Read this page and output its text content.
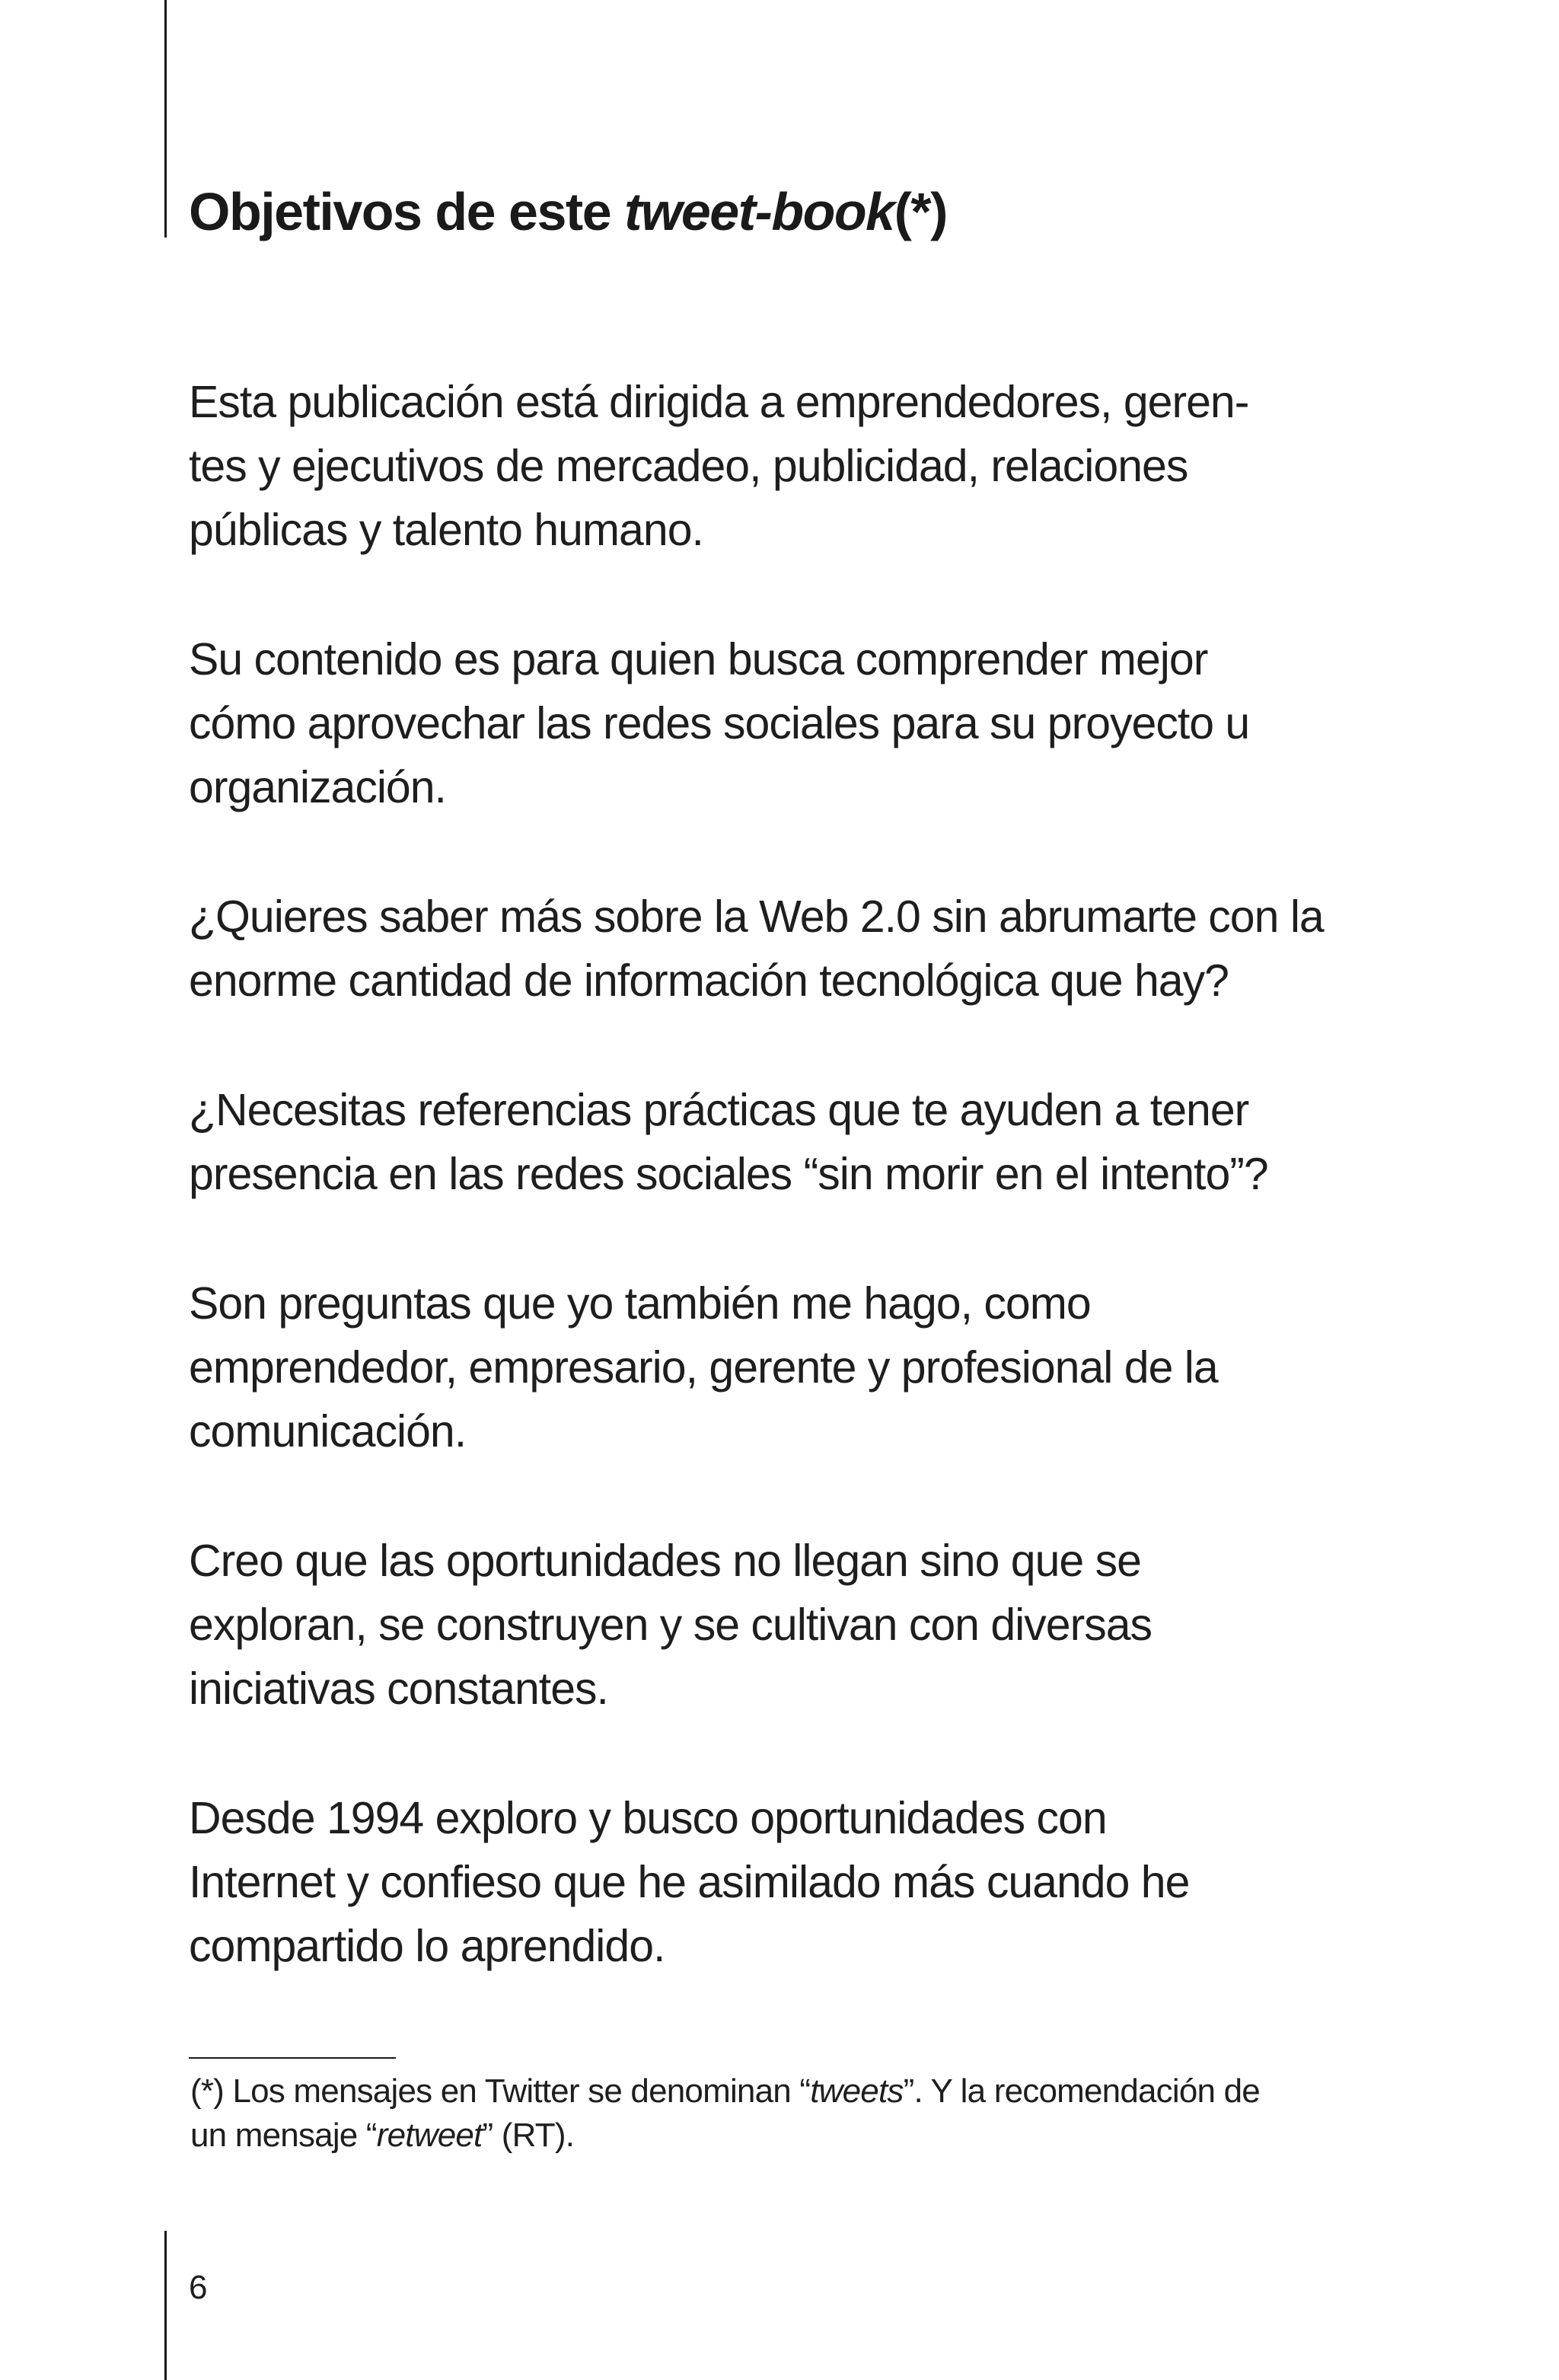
Objetivos de este tweet-book(*)

Esta publicación está dirigida a emprendedores, geren-
tes y ejecutivos de mercadeo, publicidad, relaciones
públicas y talento humano.

Su contenido es para quien busca comprender mejor
cómo aprovechar las redes sociales para su proyecto u
organización.

¿Quieres saber más sobre la Web 2.0 sin abrumarte con la
enorme cantidad de información tecnológica que hay?

¿Necesitas referencias prácticas que te ayuden a tener
presencia en las redes sociales “sin morir en el intento”?

Son preguntas que yo también me hago, como
emprendedor, empresario, gerente y profesional de la
comunicación.

Creo que las oportunidades no llegan sino que se
exploran, se construyen y se cultivan con diversas
iniciativas constantes.

Desde 1994 exploro y busco oportunidades con
Internet y confieso que he asimilado más cuando he
compartido lo aprendido.

(*) Los mensajes en Twitter se denominan “tweets”. Y la recomendación de
un mensaje “retweet” (RT).
6
